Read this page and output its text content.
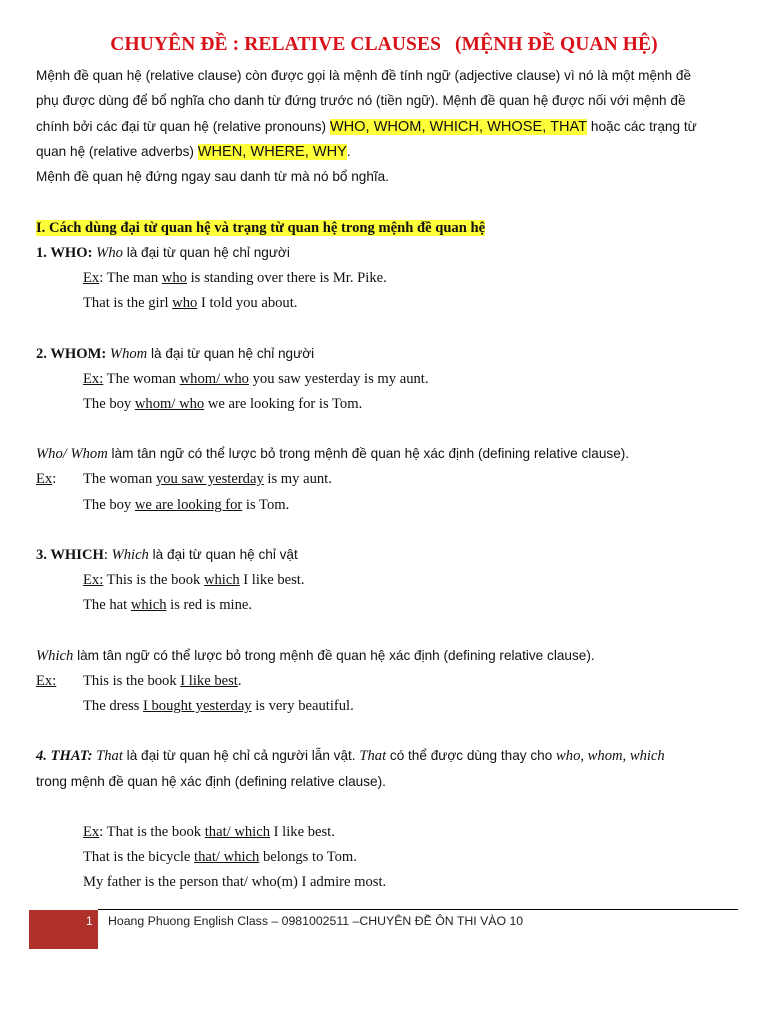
CHUYÊN ĐỀ : RELATIVE CLAUSES (MỆNH ĐỀ QUAN HỆ)
Mệnh đề quan hệ (relative clause) còn được gọi là mệnh đề tính ngữ (adjective clause) vì nó là một mệnh đề
phụ được dùng để bổ nghĩa cho danh từ đứng trước nó (tiền ngữ). Mệnh đề quan hệ được nối với mệnh đề
chính bởi các đại từ quan hệ (relative pronouns) WHO, WHOM, WHICH, WHOSE, THAT hoặc các trạng từ
quan hệ (relative adverbs) WHEN, WHERE, WHY.
Mệnh đề quan hệ đứng ngay sau danh từ mà nó bổ nghĩa.
I. Cách dùng đại từ quan hệ và trạng từ quan hệ trong mệnh đề quan hệ
1. WHO: Who là đại từ quan hệ chỉ người
Ex: The man who is standing over there is Mr. Pike.
That is the girl who I told you about.
2. WHOM: Whom là đại từ quan hệ chỉ người
Ex: The woman whom/ who you saw yesterday is my aunt.
The boy whom/ who we are looking for is Tom.
Who/ Whom làm tân ngữ có thể lược bỏ trong mệnh đề quan hệ xác định (defining relative clause).
Ex: The woman you saw yesterday is my aunt.
The boy we are looking for is Tom.
3. WHICH: Which là đại từ quan hệ chỉ vật
Ex: This is the book which I like best.
The hat which is red is mine.
Which làm tân ngữ có thể lược bỏ trong mệnh đề quan hệ xác định (defining relative clause).
Ex: This is the book I like best.
The dress I bought yesterday is very beautiful.
4. THAT: That là đại từ quan hệ chỉ cả người lẫn vật. That có thể được dùng thay cho who, whom, which
trong mệnh đề quan hệ xác định (defining relative clause).
Ex: That is the book that/ which I like best.
That is the bicycle that/ which belongs to Tom.
My father is the person that/ who(m) I admire most.
1 Hoang Phuong English Class – 0981002511 –CHUYÊN ĐỀ ÔN THI VÀO 10
